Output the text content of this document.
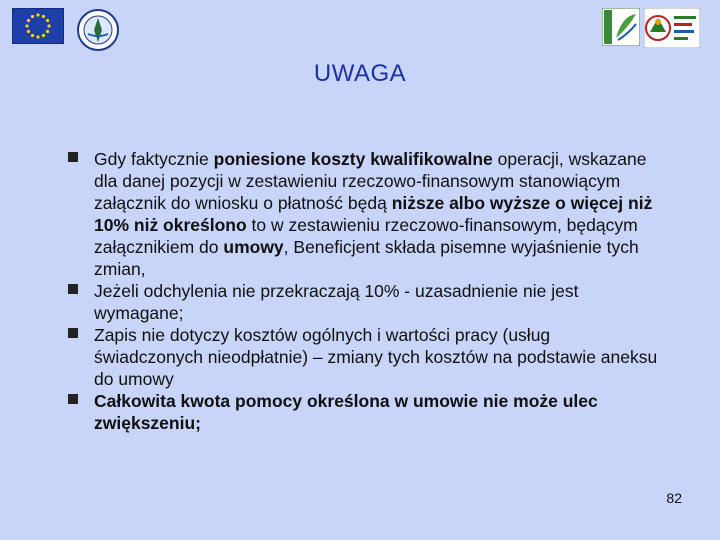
UWAGA

Gdy faktycznie poniesione koszty kwalifikowalne operacji, wskazane dla danej pozycji w zestawieniu rzeczowo-finansowym stanowiącym załącznik do wniosku o płatność będą niższe albo wyższe o więcej niż 10% niż określono to w zestawieniu rzeczowo-finansowym, będącym załącznikiem do umowy, Beneficjent składa pisemne wyjaśnienie tych zmian,

Jeżeli odchylenia nie przekraczają 10% - uzasadnienie nie jest wymagane;

Zapis nie dotyczy kosztów ogólnych i wartości pracy (usług świadczonych nieodpłatnie) – zmiany tych kosztów na podstawie aneksu do umowy

Całkowita kwota pomocy określona w umowie nie może ulec zwiększeniu;

82
